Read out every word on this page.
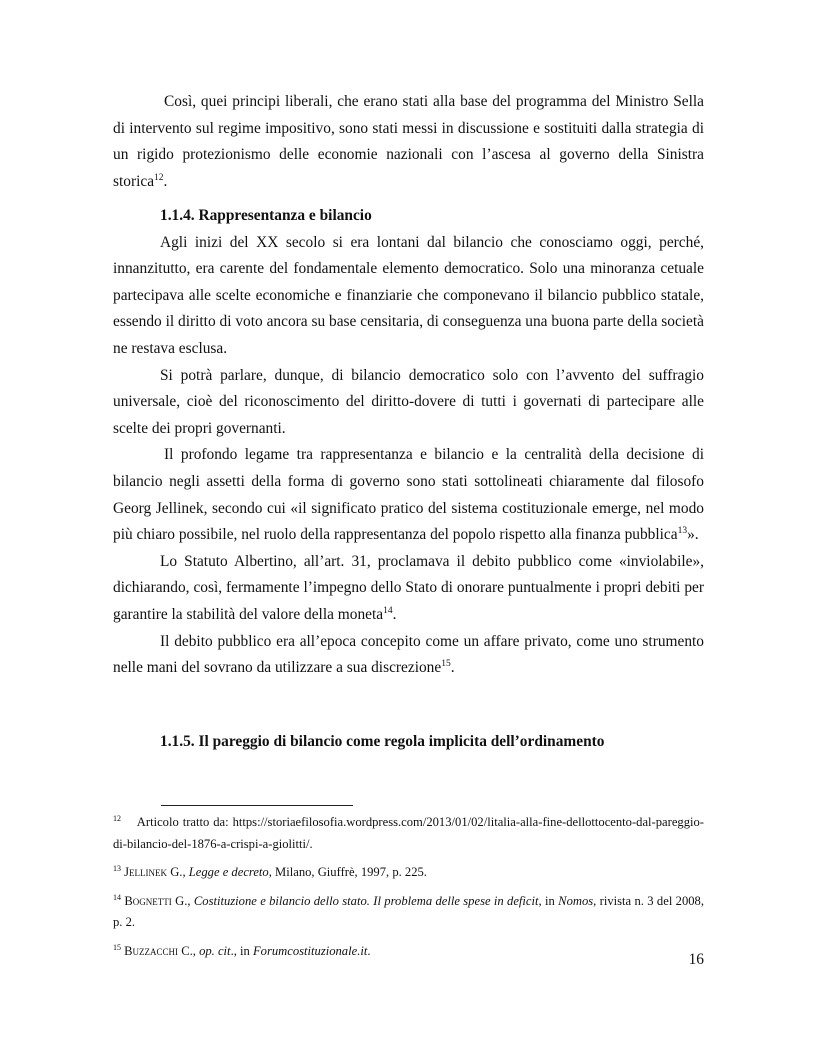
Così, quei principi liberali, che erano stati alla base del programma del Ministro Sella di intervento sul regime impositivo, sono stati messi in discussione e sostituiti dalla strategia di un rigido protezionismo delle economie nazionali con l’ascesa al governo della Sinistra storica$^{12}$.

1.1.4. Rappresentanza e bilancio

Agli inizi del XX secolo si era lontani dal bilancio che conosciamo oggi, perché, innanzitutto, era carente del fondamentale elemento democratico. Solo una minoranza cetuale partecipava alle scelte economiche e finanziarie che componevano il bilancio pubblico statale, essendo il diritto di voto ancora su base censitaria, di conseguenza una buona parte della società ne restava esclusa.

Si potrà parlare, dunque, di bilancio democratico solo con l’avvento del suffragio universale, cioè del riconoscimento del diritto-dovere di tutti i governati di partecipare alle scelte dei propri governanti.

Il profondo legame tra rappresentanza e bilancio e la centralità della decisione di bilancio negli assetti della forma di governo sono stati sottolineati chiaramente dal filosofo Georg Jellinek, secondo cui «il significato pratico del sistema costituzionale emerge, nel modo più chiaro possibile, nel ruolo della rappresentanza del popolo rispetto alla finanza pubblica$^{13}$».

Lo Statuto Albertino, all’art. 31, proclamava il debito pubblico come «inviolabile», dichiarando, così, fermamente l’impegno dello Stato di onorare puntualmente i propri debiti per garantire la stabilità del valore della moneta$^{14}$.

Il debito pubblico era all’epoca concepito come un affare privato, come uno strumento nelle mani del sovrano da utilizzare a sua discrezione$^{15}$.

1.1.5. Il pareggio di bilancio come regola implicita dell’ordinamento

$^{12}$ Articolo tratto da: https://storiaefilosofia.wordpress.com/2013/01/02/litalia-alla-fine-dellottocento-dal-pareggio-di-bilancio-del-1876-a-crispi-a-giolitti/.

$^{13}$ Jellinek G., Legge e decreto, Milano, Giuffrè, 1997, p. 225.

$^{14}$ Bognetti G., Costituzione e bilancio dello stato. Il problema delle spese in deficit, in Nomos, rivista n. 3 del 2008, p. 2.

$^{15}$ Buzzacchi C., op. cit., in Forumcostituzionale.it.

16
